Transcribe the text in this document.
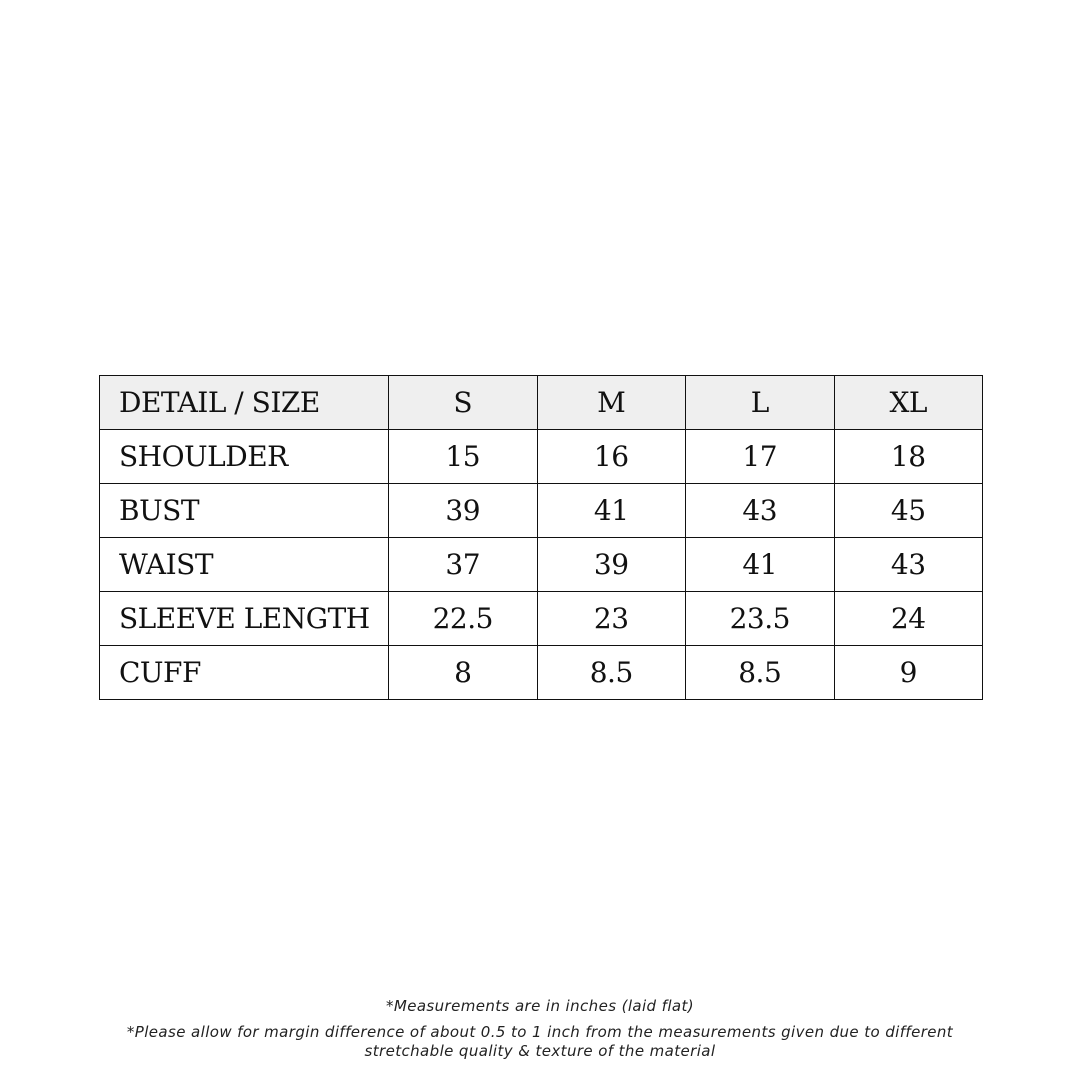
DETAIL / SIZE	S	M	L	XL
SHOULDER	15	16	17	18
BUST	39	41	43	45
WAIST	37	39	41	43
SLEEVE LENGTH	22.5	23	23.5	24
CUFF	8	8.5	8.5	9

*Measurements are in inches (laid flat)

*Please allow for margin difference of about 0.5 to 1 inch from the measurements given due to different stretchable quality & texture of the material
